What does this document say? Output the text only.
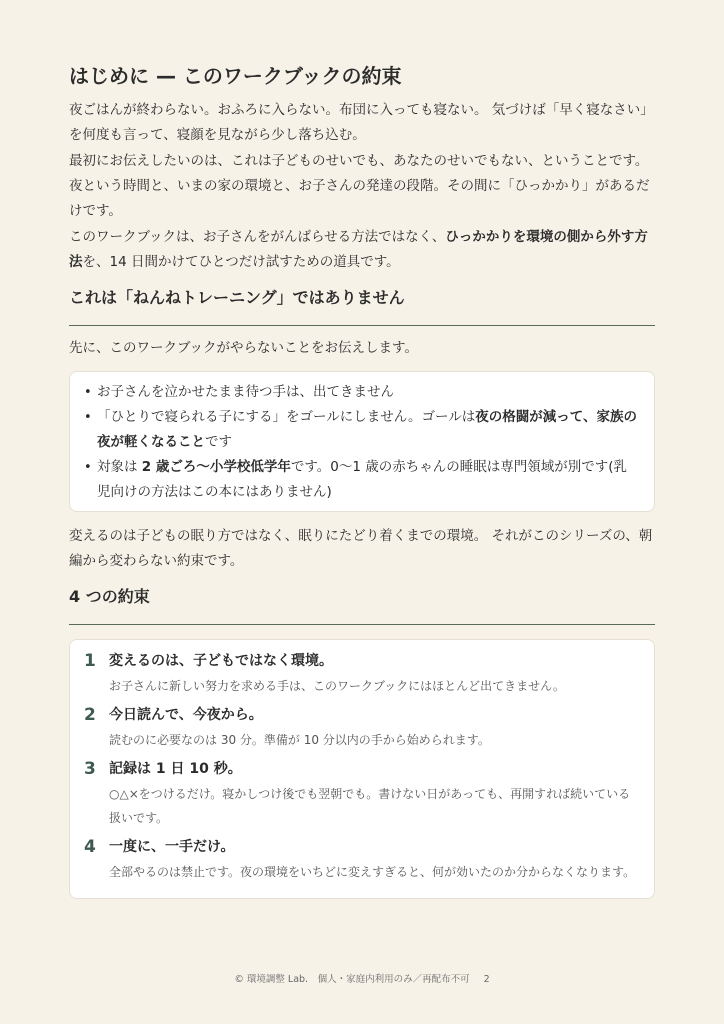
はじめに — このワークブックの約束

夜ごはんが終わらない。おふろに入らない。布団に入っても寝ない。 気づけば「早く寝なさい」を何度も言って、寝顔を見ながら少し落ち込む。

最初にお伝えしたいのは、これは子どものせいでも、あなたのせいでもない、ということです。 夜という時間と、いまの家の環境と、お子さんの発達の段階。その間に「ひっかかり」があるだけです。

このワークブックは、お子さんをがんばらせる方法ではなく、ひっかかりを環境の側から外す方法を、14 日間かけてひとつだけ試すための道具です。

これは「ねんねトレーニング」ではありません

先に、このワークブックがやらないことをお伝えします。

• お子さんを泣かせたまま待つ手は、出てきません
• 「ひとりで寝られる子にする」をゴールにしません。ゴールは夜の格闘が減って、家族の夜が軽くなることです
• 対象は 2 歳ごろ〜小学校低学年です。0〜1 歳の赤ちゃんの睡眠は専門領域が別です(乳児向けの方法はこの本にはありません)

変えるのは子どもの眠り方ではなく、眠りにたどり着くまでの環境。 それがこのシリーズの、朝編から変わらない約束です。

4 つの約束
1 変えるのは、子どもではなく環境。
お子さんに新しい努力を求める手は、このワークブックにはほとんど出てきません。
2 今日読んで、今夜から。
読むのに必要なのは 30 分。準備が 10 分以内の手から始められます。
3 記録は 1 日 10 秒。
○△×をつけるだけ。寝かしつけ後でも翌朝でも。書けない日があっても、再開すれば続いている扱いです。
4 一度に、一手だけ。
全部やるのは禁止です。夜の環境をいちどに変えすぎると、何が効いたのか分からなくなります。
© 環境調整 Lab.　個人・家庭内利用のみ／再配布不可 2
